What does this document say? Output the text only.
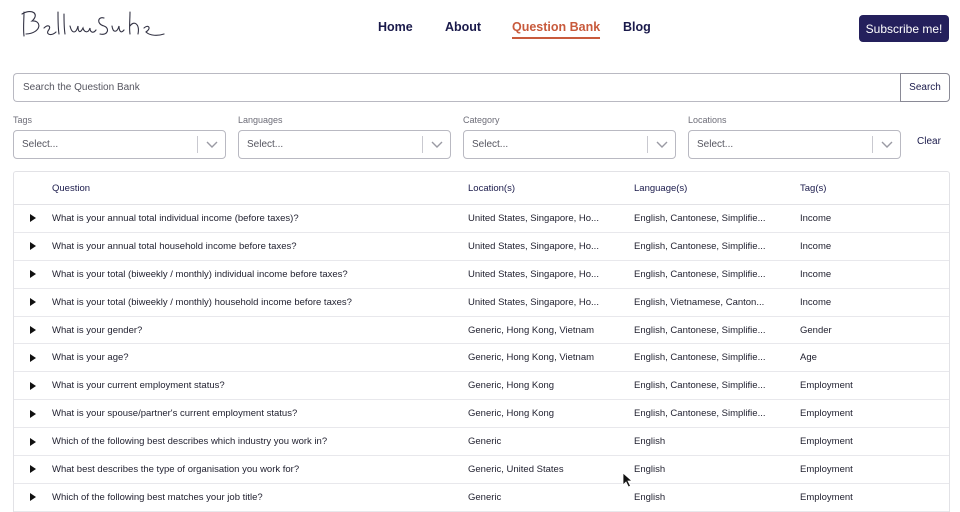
Home	About	Question Bank	Blog	Subscribe me!
Search the Question Bank
Search
Tags
Select...
Languages
Select...
Category
Select...
Locations
Select...	Clear
Question	Location(s)	Language(s)	Tag(s)
What is your annual total individual income (before taxes)?	United States, Singapore, Ho...	English, Cantonese, Simplifie...	Income
What is your annual total household income before taxes?	United States, Singapore, Ho...	English, Cantonese, Simplifie...	Income
What is your total (biweekly / monthly) individual income before taxes?	United States, Singapore, Ho...	English, Cantonese, Simplifie...	Income
What is your total (biweekly / monthly) household income before taxes?	United States, Singapore, Ho...	English, Vietnamese, Canton...	Income
What is your gender?	Generic, Hong Kong, Vietnam	English, Cantonese, Simplifie...	Gender
What is your age?	Generic, Hong Kong, Vietnam	English, Cantonese, Simplifie...	Age
What is your current employment status?	Generic, Hong Kong	English, Cantonese, Simplifie...	Employment
What is your spouse/partner's current employment status?	Generic, Hong Kong	English, Cantonese, Simplifie...	Employment
Which of the following best describes which industry you work in?	Generic	English	Employment
What best describes the type of organisation you work for?	Generic, United States	English	Employment
Which of the following best matches your job title?	Generic	English	Employment
